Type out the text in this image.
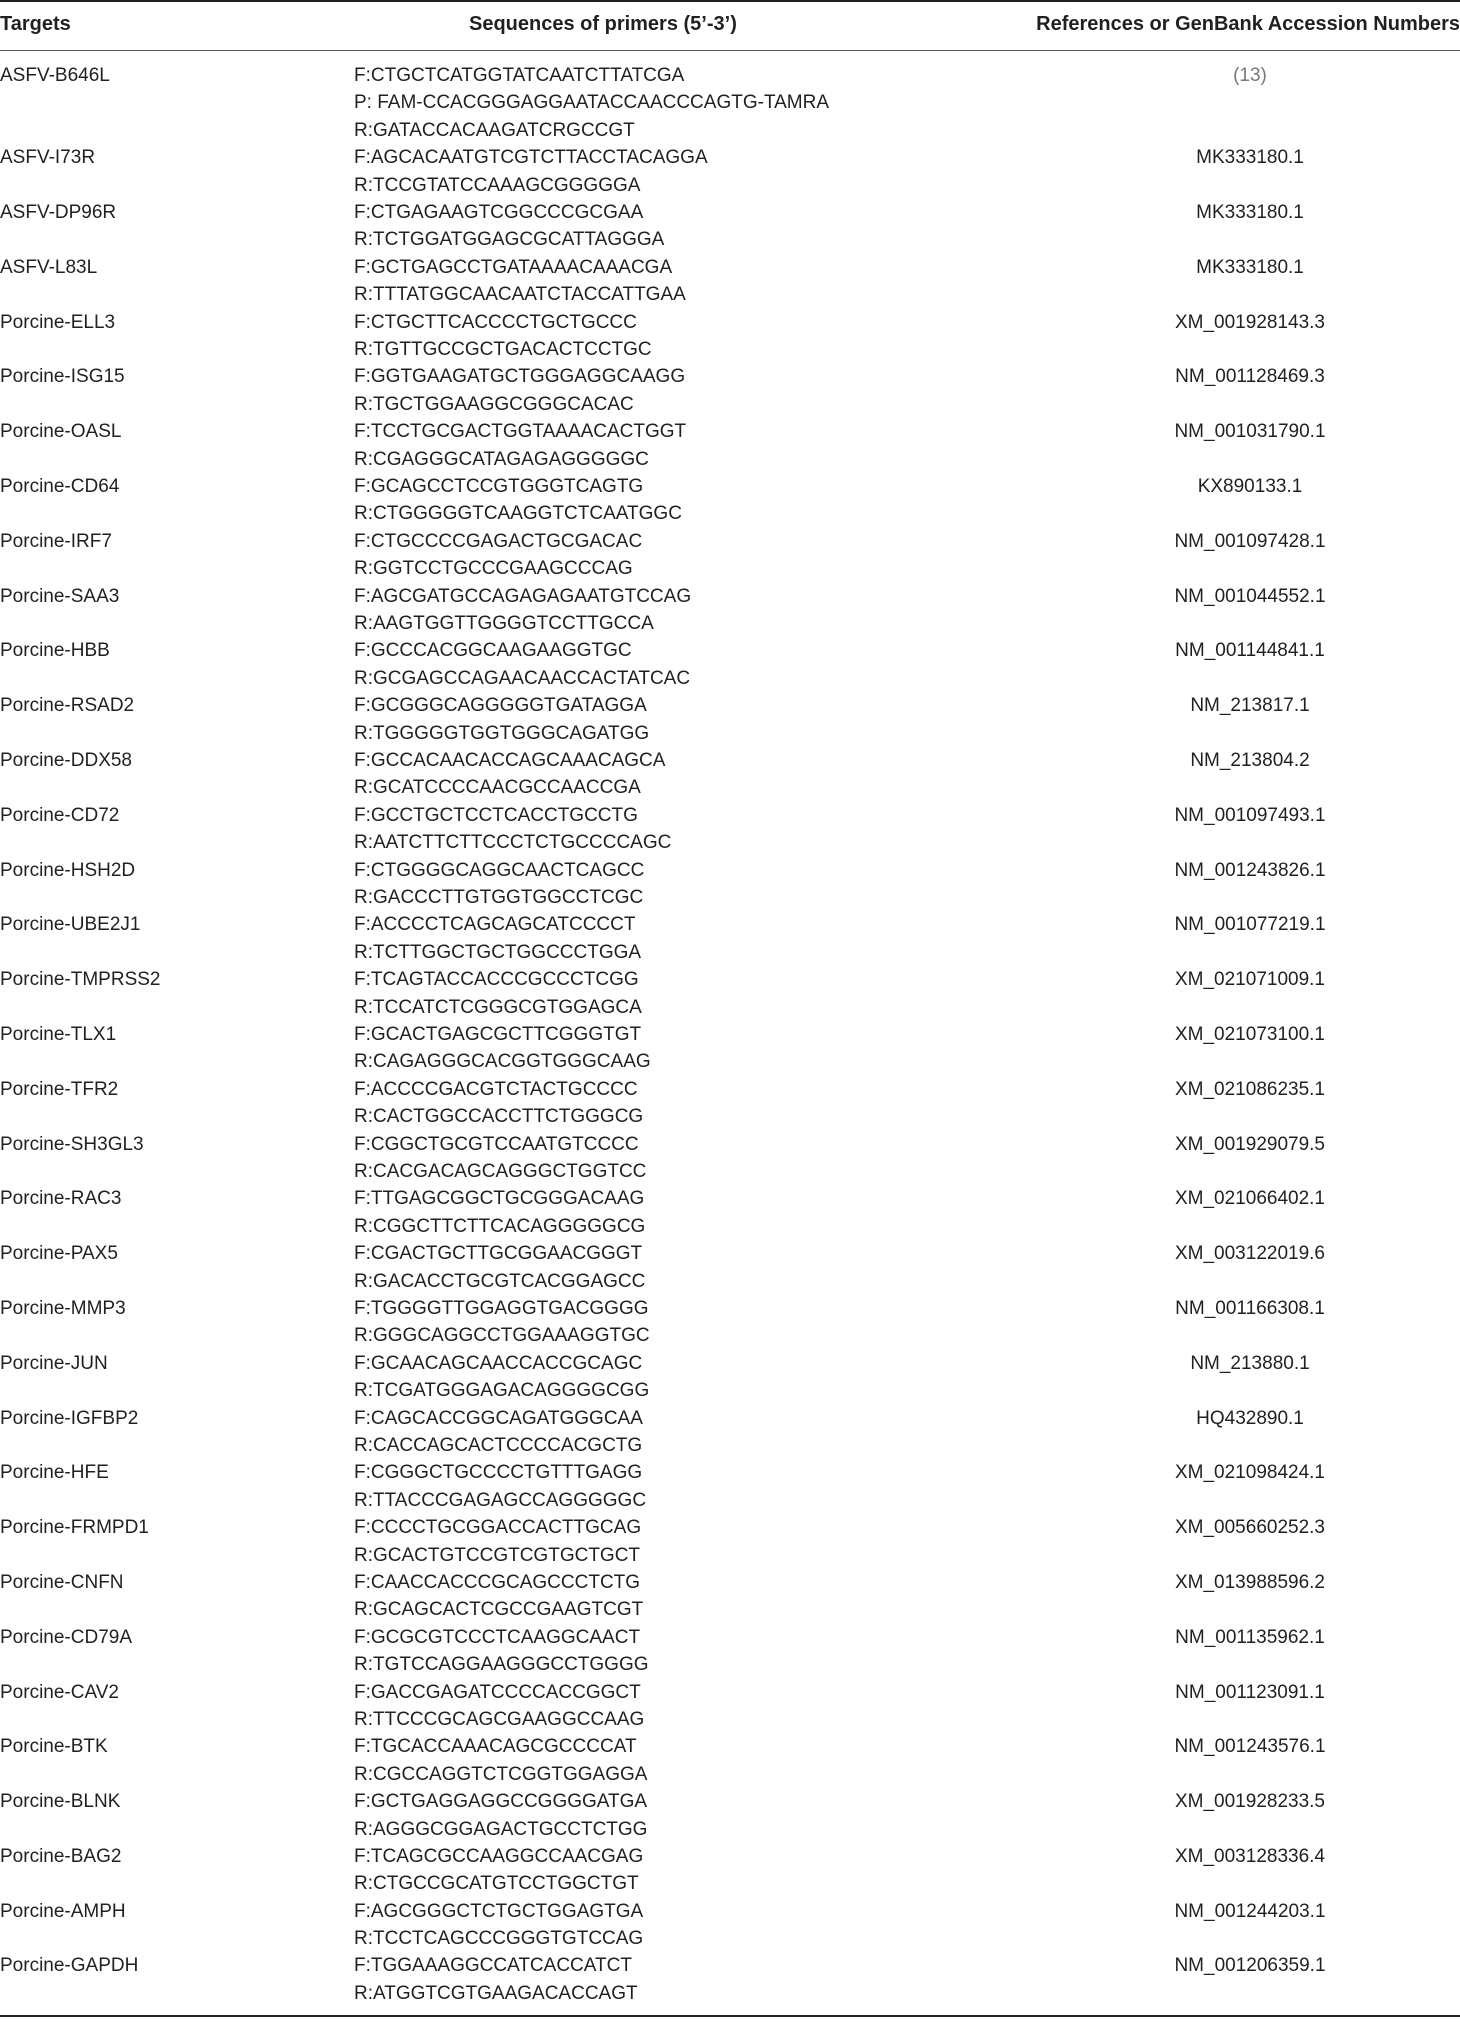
Targets	Sequences of primers (5’-3’)	References or GenBank Accession Numbers
ASFV-B646L	F:CTGCTCATGGTATCAATCTTATCGA
P: FAM-CCACGGGAGGAATACCAACCCAGTG-TAMRA
R:GATACCACAAGATCRGCCGT
(13)
ASFV-I73R	F:AGCACAATGTCGTCTTACCTACAGGA
R:TCCGTATCCAAAGCGGGGGA
MK333180.1
ASFV-DP96R	F:CTGAGAAGTCGGCCCGCGAA
R:TCTGGATGGAGCGCATTAGGGA
MK333180.1
ASFV-L83L	F:GCTGAGCCTGATAAAACAAACGA
R:TTTATGGCAACAATCTACCATTGAA
MK333180.1
Porcine-ELL3	F:CTGCTTCACCCCTGCTGCCC
R:TGTTGCCGCTGACACTCCTGC
XM_001928143.3
Porcine-ISG15	F:GGTGAAGATGCTGGGAGGCAAGG
R:TGCTGGAAGGCGGGCACAC
NM_001128469.3
Porcine-OASL	F:TCCTGCGACTGGTAAAACACTGGT
R:CGAGGGCATAGAGAGGGGGC
NM_001031790.1
Porcine-CD64	F:GCAGCCTCCGTGGGTCAGTG
R:CTGGGGGTCAAGGTCTCAATGGC
KX890133.1
Porcine-IRF7	F:CTGCCCCGAGACTGCGACAC
R:GGTCCTGCCCGAAGCCCAG
NM_001097428.1
Porcine-SAA3	F:AGCGATGCCAGAGAGAATGTCCAG
R:AAGTGGTTGGGGTCCTTGCCA
NM_001044552.1
Porcine-HBB	F:GCCCACGGCAAGAAGGTGC
R:GCGAGCCAGAACAACCACTATCAC
NM_001144841.1
Porcine-RSAD2	F:GCGGGCAGGGGGTGATAGGA
R:TGGGGGTGGTGGGCAGATGG
NM_213817.1
Porcine-DDX58	F:GCCACAACACCAGCAAACAGCA
R:GCATCCCCAACGCCAACCGA
NM_213804.2
Porcine-CD72	F:GCCTGCTCCTCACCTGCCTG
R:AATCTTCTTCCCTCTGCCCCAGC
NM_001097493.1
Porcine-HSH2D	F:CTGGGGCAGGCAACTCAGCC
R:GACCCTTGTGGTGGCCTCGC
NM_001243826.1
Porcine-UBE2J1	F:ACCCCTCAGCAGCATCCCCT
R:TCTTGGCTGCTGGCCCTGGA
NM_001077219.1
Porcine-TMPRSS2	F:TCAGTACCACCCGCCCTCGG
R:TCCATCTCGGGCGTGGAGCA
XM_021071009.1
Porcine-TLX1	F:GCACTGAGCGCTTCGGGTGT
R:CAGAGGGCACGGTGGGCAAG
XM_021073100.1
Porcine-TFR2	F:ACCCCGACGTCTACTGCCCC
R:CACTGGCCACCTTCTGGGCG
XM_021086235.1
Porcine-SH3GL3	F:CGGCTGCGTCCAATGTCCCC
R:CACGACAGCAGGGCTGGTCC
XM_001929079.5
Porcine-RAC3	F:TTGAGCGGCTGCGGGACAAG
R:CGGCTTCTTCACAGGGGGCG
XM_021066402.1
Porcine-PAX5	F:CGACTGCTTGCGGAACGGGT
R:GACACCTGCGTCACGGAGCC
XM_003122019.6
Porcine-MMP3	F:TGGGGTTGGAGGTGACGGGG
R:GGGCAGGCCTGGAAAGGTGC
NM_001166308.1
Porcine-JUN	F:GCAACAGCAACCACCGCAGC
R:TCGATGGGAGACAGGGGCGG
NM_213880.1
Porcine-IGFBP2	F:CAGCACCGGCAGATGGGCAA
R:CACCAGCACTCCCCACGCTG
HQ432890.1
Porcine-HFE	F:CGGGCTGCCCCTGTTTGAGG
R:TTACCCGAGAGCCAGGGGGC
XM_021098424.1
Porcine-FRMPD1	F:CCCCTGCGGACCACTTGCAG
R:GCACTGTCCGTCGTGCTGCT
XM_005660252.3
Porcine-CNFN	F:CAACCACCCGCAGCCCTCTG
R:GCAGCACTCGCCGAAGTCGT
XM_013988596.2
Porcine-CD79A	F:GCGCGTCCCTCAAGGCAACT
R:TGTCCAGGAAGGGCCTGGGG
NM_001135962.1
Porcine-CAV2	F:GACCGAGATCCCCACCGGCT
R:TTCCCGCAGCGAAGGCCAAG
NM_001123091.1
Porcine-BTK	F:TGCACCAAACAGCGCCCCAT
R:CGCCAGGTCTCGGTGGAGGA
NM_001243576.1
Porcine-BLNK	F:GCTGAGGAGGCCGGGGATGA
R:AGGGCGGAGACTGCCTCTGG
XM_001928233.5
Porcine-BAG2	F:TCAGCGCCAAGGCCAACGAG
R:CTGCCGCATGTCCTGGCTGT
XM_003128336.4
Porcine-AMPH	F:AGCGGGCTCTGCTGGAGTGA
R:TCCTCAGCCCGGGTGTCCAG
NM_001244203.1
Porcine-GAPDH	F:TGGAAAGGCCATCACCATCT
R:ATGGTCGTGAAGACACCAGT
NM_001206359.1
